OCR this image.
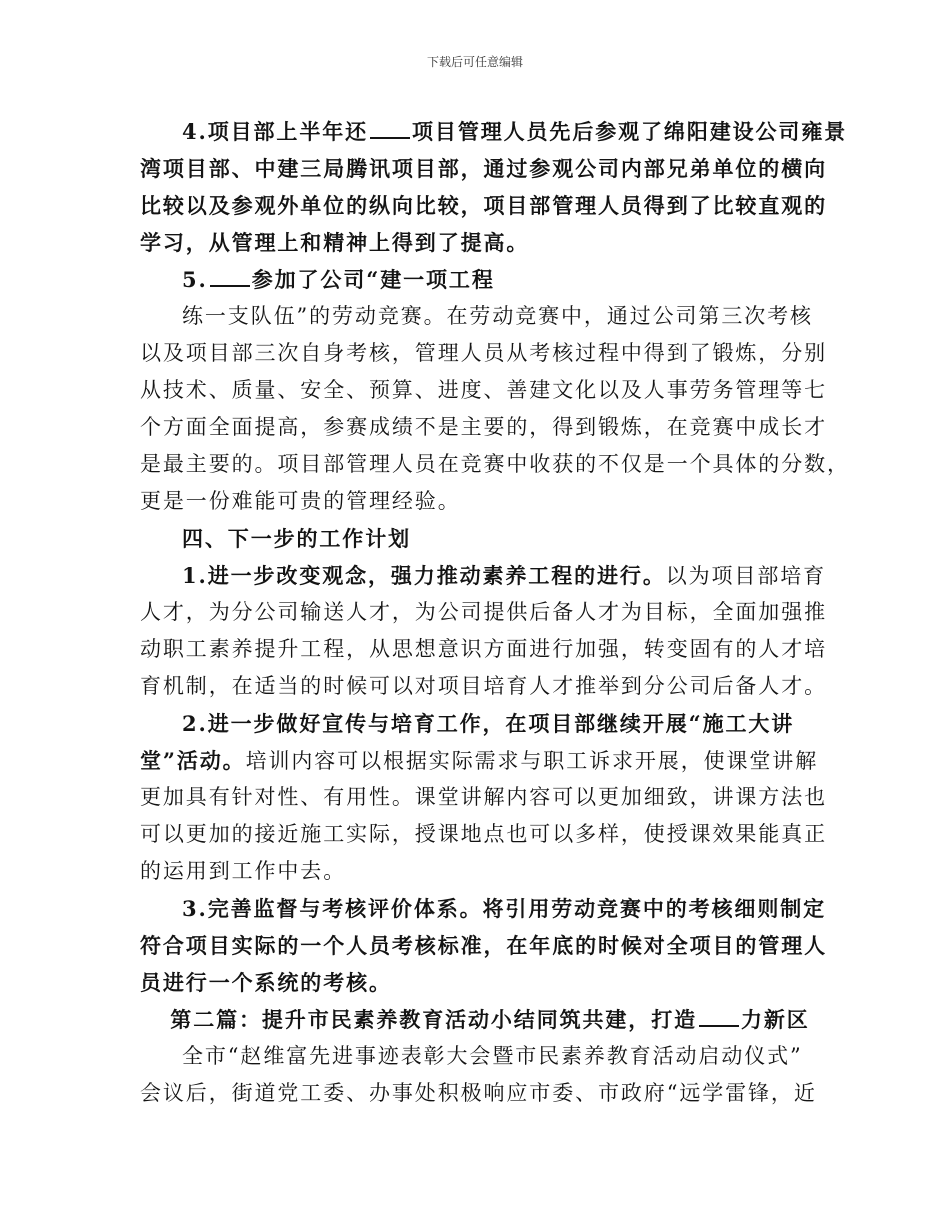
下载后可任意编辑
4.项目部上半年还 项目管理人员先后参观了绵阳建设公司雍景
湾项目部、中建三局腾讯项目部，通过参观公司内部兄弟单位的横向
比较以及参观外单位的纵向比较，项目部管理人员得到了比较直观的
学习，从管理上和精神上得到了提高。
5. 参加了公司“建一项工程
练一支队伍”的劳动竞赛。在劳动竞赛中，通过公司第三次考核
以及项目部三次自身考核，管理人员从考核过程中得到了锻炼，分别
从技术、质量、安全、预算、进度、善建文化以及人事劳务管理等七
个方面全面提高，参赛成绩不是主要的，得到锻炼，在竞赛中成长才
是最主要的。项目部管理人员在竞赛中收获的不仅是一个具体的分数，
更是一份难能可贵的管理经验。
四、下一步的工作计划
1.进一步改变观念，强力推动素养工程的进行。以为项目部培育
人才，为分公司输送人才，为公司提供后备人才为目标，全面加强推
动职工素养提升工程，从思想意识方面进行加强，转变固有的人才培
育机制，在适当的时候可以对项目培育人才推举到分公司后备人才。
2.进一步做好宣传与培育工作，在项目部继续开展“施工大讲
堂”活动。培训内容可以根据实际需求与职工诉求开展，使课堂讲解
更加具有针对性、有用性。课堂讲解内容可以更加细致，讲课方法也
可以更加的接近施工实际，授课地点也可以多样，使授课效果能真正
的运用到工作中去。
3.完善监督与考核评价体系。将引用劳动竞赛中的考核细则制定
符合项目实际的一个人员考核标准，在年底的时候对全项目的管理人
员进行一个系统的考核。
第二篇：提升市民素养教育活动小结同筑共建，打造 力新区
全市“赵维富先进事迹表彰大会暨市民素养教育活动启动仪式”
会议后，街道党工委、办事处积极响应市委、市政府“远学雷锋，近
